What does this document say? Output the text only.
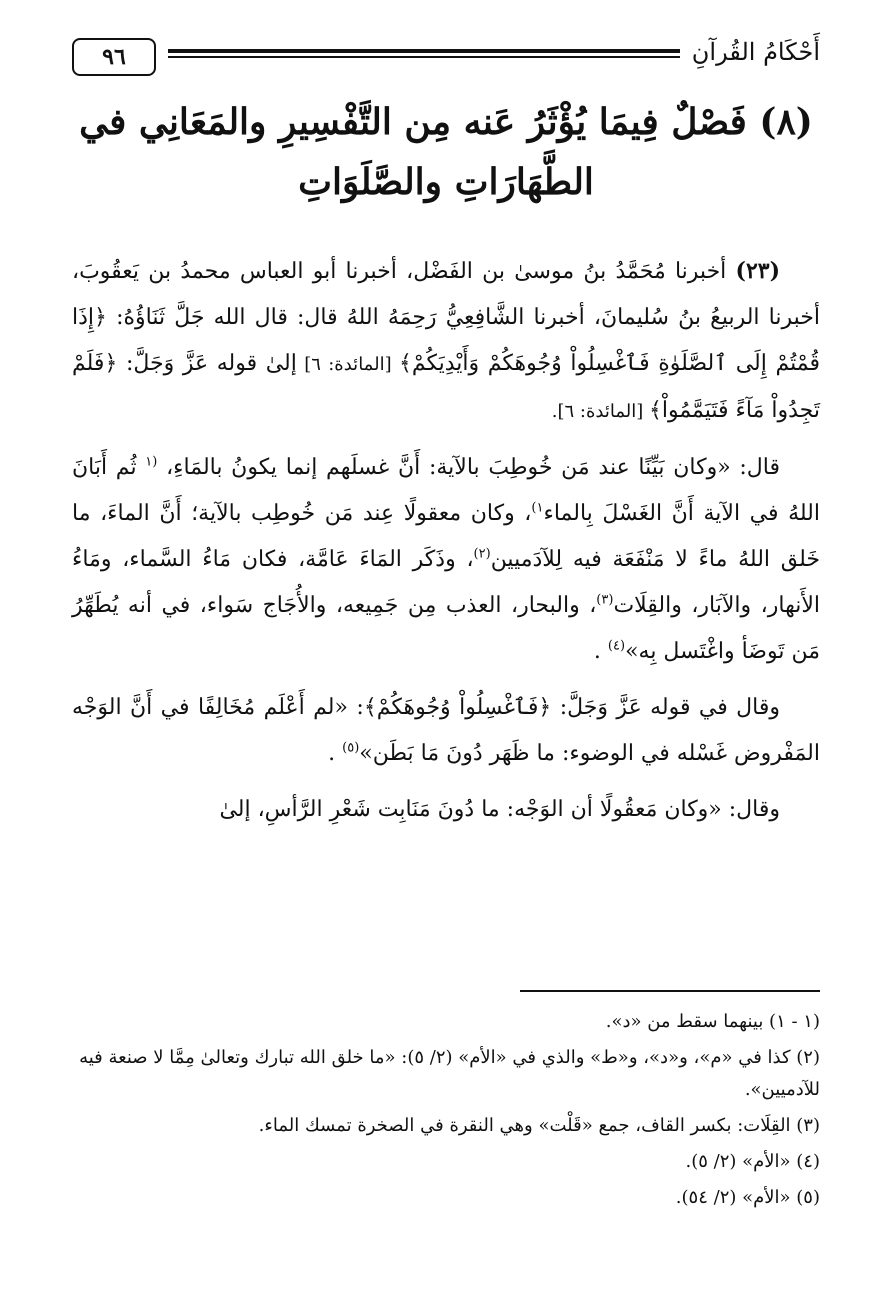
٩٦	أَحْكَامُ القُرآنِ
(٨) فَصْلٌ فِيمَا يُؤْثَرُ عَنه مِن التَّفْسِيرِ والمَعَانِي في الطَّهَارَاتِ والصَّلَوَاتِ

(٢٣) أخبرنا مُحَمَّدُ بنُ موسىٰ بن الفَضْل، أخبرنا أبو العباس محمدُ بن يَعقُوبَ، أخبرنا الربيعُ بنُ سُليمانَ، أخبرنا الشَّافِعِيُّ رَحِمَهُ اللهُ قال: قال الله جَلَّ ثَنَاؤُهُ: ﴿إِذَا قُمْتُمْ إِلَى ٱلصَّلَوٰةِ فَٱغْسِلُواْ وُجُوهَكُمْ وَأَيْدِيَكُمْ﴾ [المائدة: ٦] إلىٰ قوله عَزَّ وَجَلَّ: ﴿فَلَمْ تَجِدُواْ مَآءً فَتَيَمَّمُواْ﴾ [المائدة: ٦].

قال: «وكان بَيِّنًا عند مَن خُوطِبَ بالآية: أَنَّ غسلَهم إنما يكونُ بالمَاءِ، $^{(١}$ ثُم أَبَانَ اللهُ في الآية أَنَّ الغَسْلَ بِالماء$^{١)}$، وكان معقولًا عِند مَن خُوطِب بالآية؛ أَنَّ الماءَ، ما خَلق اللهُ ماءً لا مَنْفَعَة فيه لِلآدَميين$^{(٢)}$، وذَكَر المَاءَ عَامَّة، فكان مَاءُ السَّماء، ومَاءُ الأَنهار، والآبَار، والقِلَات$^{(٣)}$، والبحار، العذب مِن جَمِيعه، والأُجَاج سَواء، في أنه يُطَهِّرُ مَن تَوضَأ واغْتَسل بِه»$^{(٤)}$ .

وقال في قوله عَزَّ وَجَلَّ: ﴿فَٱغْسِلُواْ وُجُوهَكُمْ﴾: «لم أَعْلَم مُخَالِفًا في أَنَّ الوَجْه المَفْروض غَسْله في الوضوء: ما ظَهَر دُونَ مَا بَطَن»$^{(٥)}$ .

وقال: «وكان مَعقُولًا أن الوَجْه: ما دُونَ مَنَابِت شَعْرِ الرَّأسِ، إلىٰ

(١ - ١) بينهما سقط من «د».
(٢) كذا في «م»، و«د»، و«ط» والذي في «الأم» (٢/ ٥): «ما خلق الله تبارك وتعالىٰ مِمَّا لا صنعة فيه للآدميين».
(٣) القِلَات: بكسر القاف، جمع «قَلْت» وهي النقرة في الصخرة تمسك الماء.
(٤) «الأم» (٢/ ٥).
(٥) «الأم» (٢/ ٥٤).
